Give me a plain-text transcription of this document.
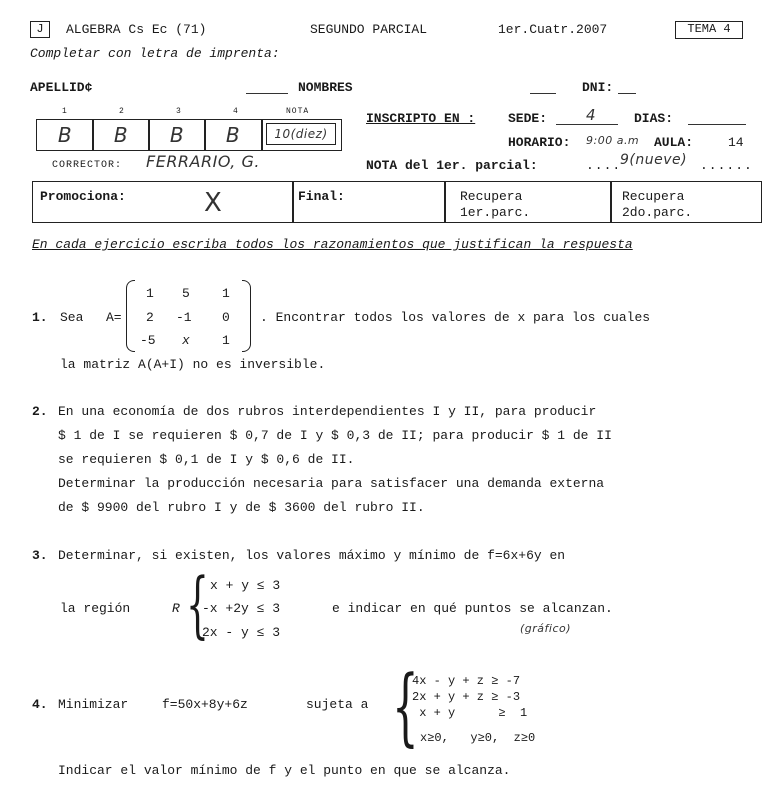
J	ALGEBRA Cs Ec (71)	SEGUNDO PARCIAL	1er.Cuatr.2007	TEMA 4
Completar con letra de imprenta:
APELLID¢	NOMBRES	DNI:
1	2	3	4	NOTA
B	B	B	B	10(diez)
INSCRIPTO EN :	SEDE:	4	DIAS:
HORARIO: 9:00 a.m AULA:	14
CORRECTOR: FERRARIO, G.	NOTA del 1er. parcial:	....
9(nueve) ......
Promociona:	X	Final:	Recupera
1er.parc.
Recupera
2do.parc.
En cada ejercicio escriba todos los razonamientos que justifican la respuesta
1. Sea A=
1 5 1
2 -1 0
-5 x 1
. Encontrar todos los valores de x para los cuales
la matriz A(A+I) no es inversible.
2. En una economía de dos rubros interdependientes I y II, para producir
$ 1 de I se requieren $ 0,7 de I y $ 0,3 de II; para producir $ 1 de II
se requieren $ 0,1 de I y $ 0,6 de II.
Determinar la producción necesaria para satisfacer una demanda externa
de $ 9900 del rubro I y de $ 3600 del rubro II.
3. Determinar, si existen, los valores máximo y mínimo de f=6x+6y en
la región	R { x + y ≤ 3
-x +2y ≤ 3
2x - y ≤ 3
e indicar en qué puntos se alcanzan.
(gráfico)
4. Minimizar	f=50x+8y+6z	sujeta a {
4x - y + z ≥ -7
2x + y + z ≥ -3
x + y      ≥  1
x≥0,   y≥0,  z≥0
Indicar el valor mínimo de f y el punto en que se alcanza.
